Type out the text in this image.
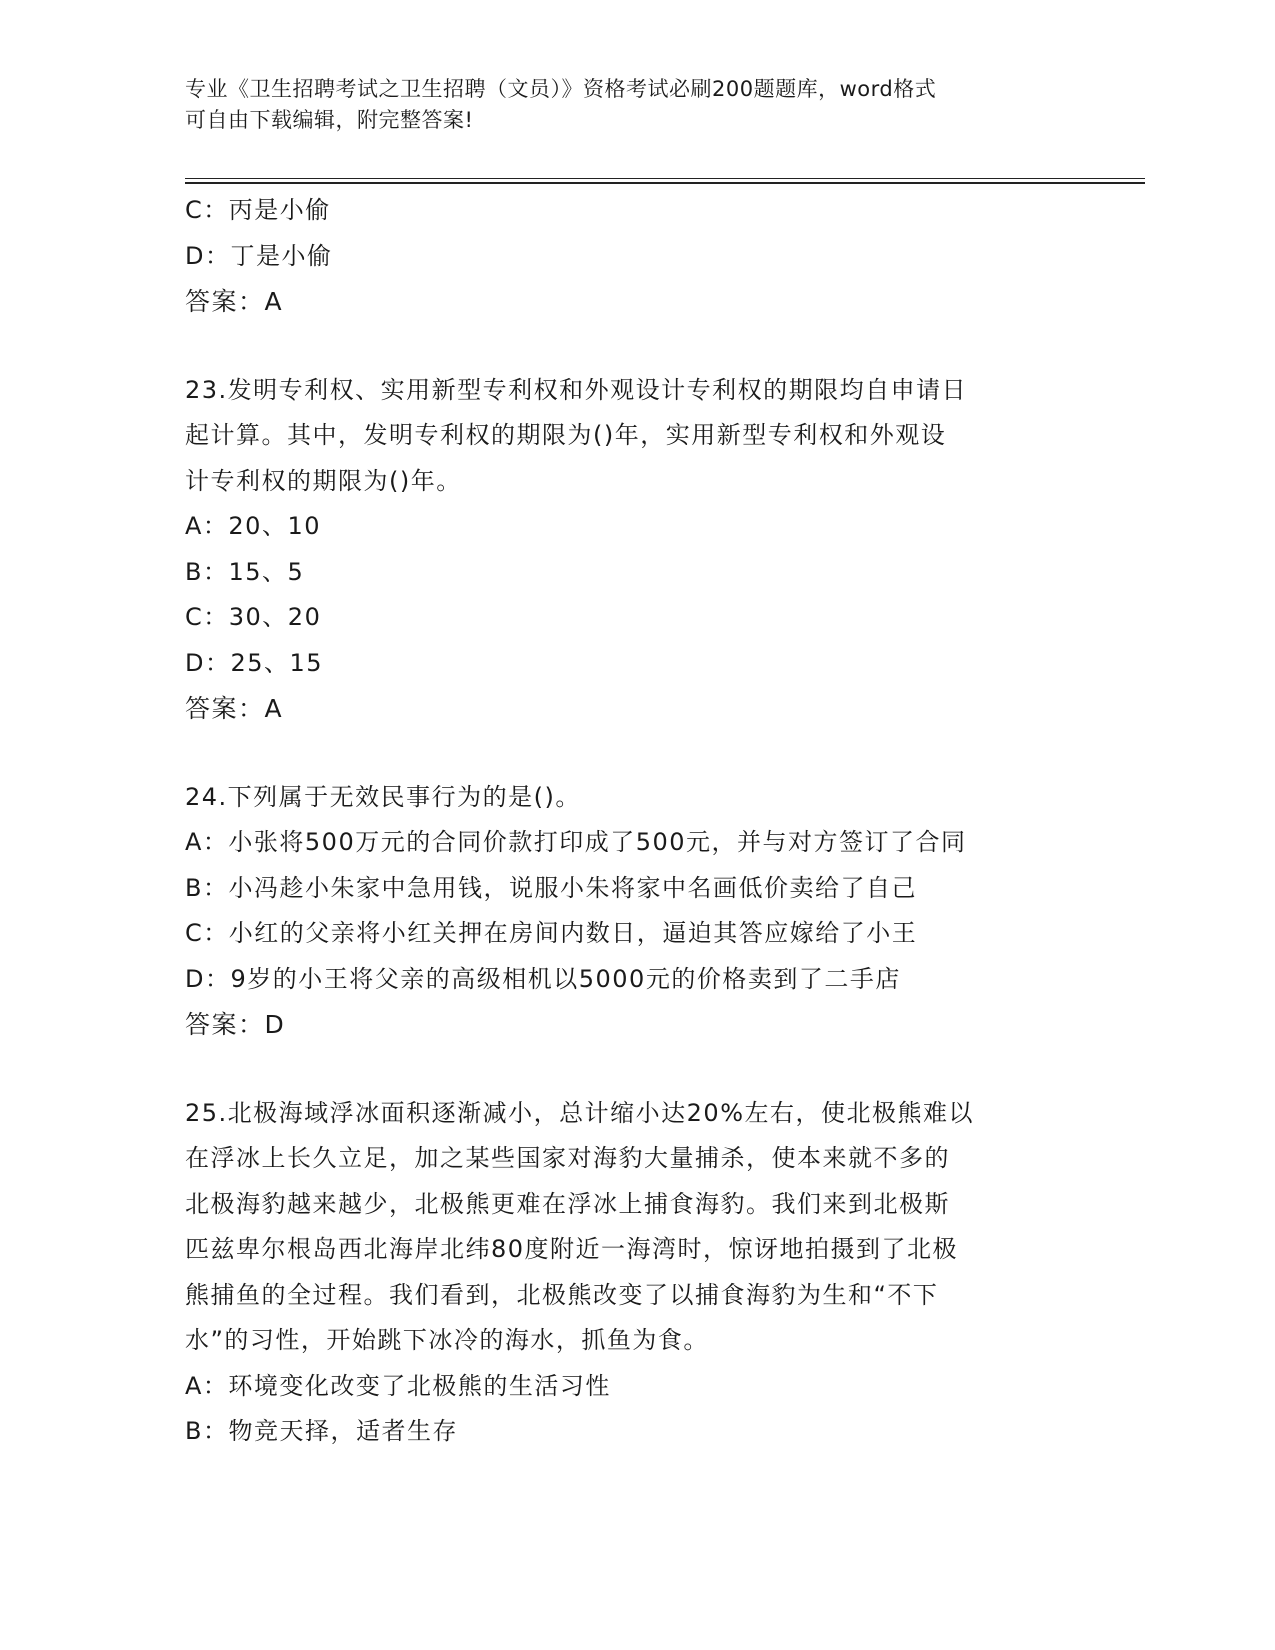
专业《卫生招聘考试之卫生招聘（文员）》资格考试必刷200题题库，word格式
可自由下载编辑，附完整答案!
C：丙是小偷
D：丁是小偷
答案：A
23.发明专利权、实用新型专利权和外观设计专利权的期限均自申请日
起计算。其中，发明专利权的期限为()年，实用新型专利权和外观设
计专利权的期限为()年。
A：20、10
B：15、5
C：30、20
D：25、15
答案：A
24.下列属于无效民事行为的是()。
A：小张将500万元的合同价款打印成了500元，并与对方签订了合同
B：小冯趁小朱家中急用钱，说服小朱将家中名画低价卖给了自己
C：小红的父亲将小红关押在房间内数日，逼迫其答应嫁给了小王
D：9岁的小王将父亲的高级相机以5000元的价格卖到了二手店
答案：D
25.北极海域浮冰面积逐渐减小，总计缩小达20%左右，使北极熊难以
在浮冰上长久立足，加之某些国家对海豹大量捕杀，使本来就不多的
北极海豹越来越少，北极熊更难在浮冰上捕食海豹。我们来到北极斯
匹兹卑尔根岛西北海岸北纬80度附近一海湾时，惊讶地拍摄到了北极
熊捕鱼的全过程。我们看到，北极熊改变了以捕食海豹为生和“不下
水”的习性，开始跳下冰冷的海水，抓鱼为食。
A：环境变化改变了北极熊的生活习性
B：物竞天择，适者生存
